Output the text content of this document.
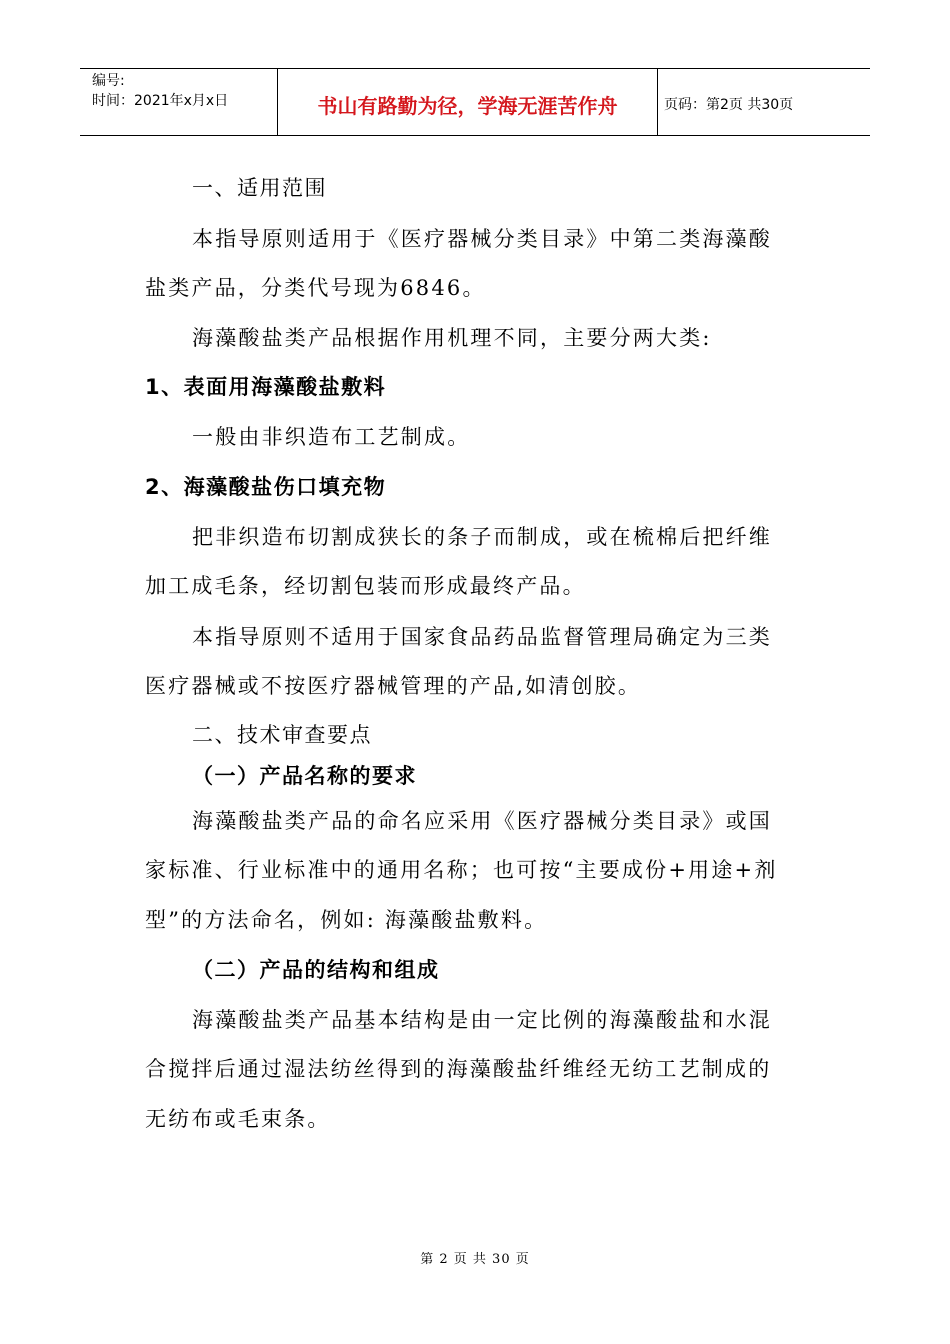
编号:
时间：2021年x月x日	书山有路勤为径，学海无涯苦作舟	页码：第2页 共30页
一、适用范围
本指导原则适用于《医疗器械分类目录》中第二类海藻酸
盐类产品，分类代号现为6846。
海藻酸盐类产品根据作用机理不同，主要分两大类:
1、表面用海藻酸盐敷料
一般由非织造布工艺制成。
2、海藻酸盐伤口填充物
把非织造布切割成狭长的条子而制成，或在梳棉后把纤维
加工成毛条，经切割包装而形成最终产品。
本指导原则不适用于国家食品药品监督管理局确定为三类
医疗器械或不按医疗器械管理的产品,如清创胶。
二、技术审查要点
（一）产品名称的要求
海藻酸盐类产品的命名应采用《医疗器械分类目录》或国
家标准、行业标准中的通用名称；也可按“主要成份+用途+剂
型”的方法命名，例如: 海藻酸盐敷料。
（二）产品的结构和组成
海藻酸盐类产品基本结构是由一定比例的海藻酸盐和水混
合搅拌后通过湿法纺丝得到的海藻酸盐纤维经无纺工艺制成的
无纺布或毛束条。
第 2 页 共 30 页
